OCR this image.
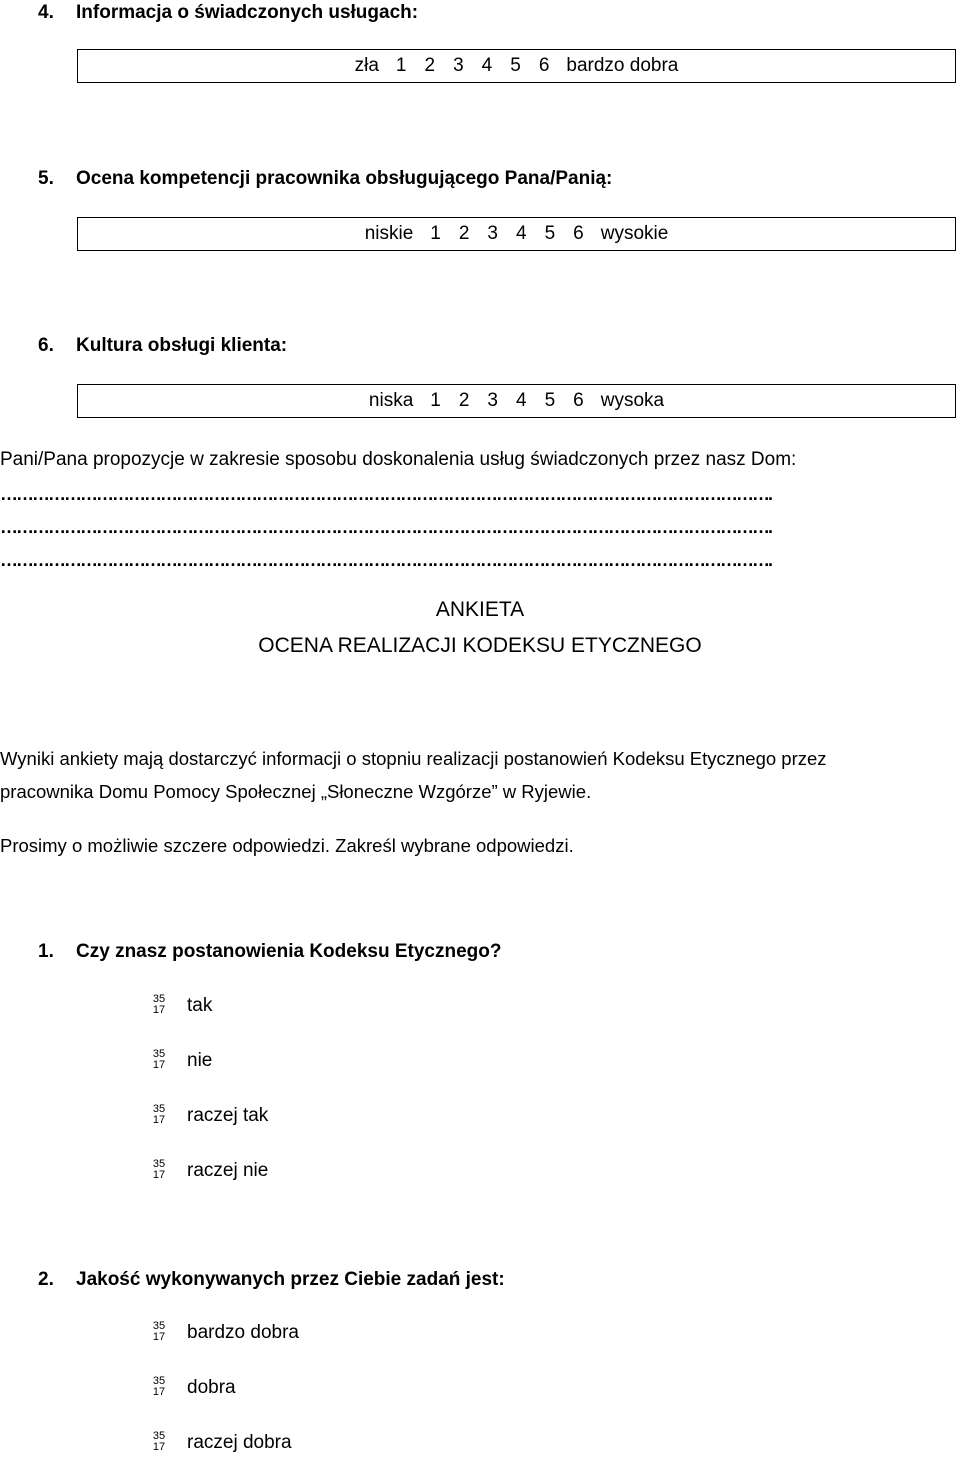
4. Informacja o świadczonych usługach:
zła 1 2 3 4 5 6 bardzo dobra
5. Ocena kompetencji pracownika obsługującego Pana/Panią:
niskie 1 2 3 4 5 6 wysokie
6. Kultura obsługi klienta:
niska 1 2 3 4 5 6 wysoka
Pani/Pana propozycje w zakresie sposobu doskonalenia usług świadczonych przez nasz Dom:
……………………………………………………………………………………………………………………………….
……………………………………………………………………………………………………………………………….
……………………………………………………………………………………………………………………………….
ANKIETA
OCENA REALIZACJI KODEKSU ETYCZNEGO
Wyniki ankiety mają dostarczyć informacji o stopniu realizacji postanowień Kodeksu Etycznego przez
pracownika Domu Pomocy Społecznej „Słoneczne Wzgórze” w Ryjewie.
Prosimy o możliwie szczere odpowiedzi. Zakreśl wybrane odpowiedzi.
1. Czy znasz postanowienia Kodeksu Etycznego?
35
17 tak
35
17 nie
35
17 raczej tak
35
17 raczej nie
2. Jakość wykonywanych przez Ciebie zadań jest:
35
17 bardzo dobra
35
17 dobra
35
17 raczej dobra
